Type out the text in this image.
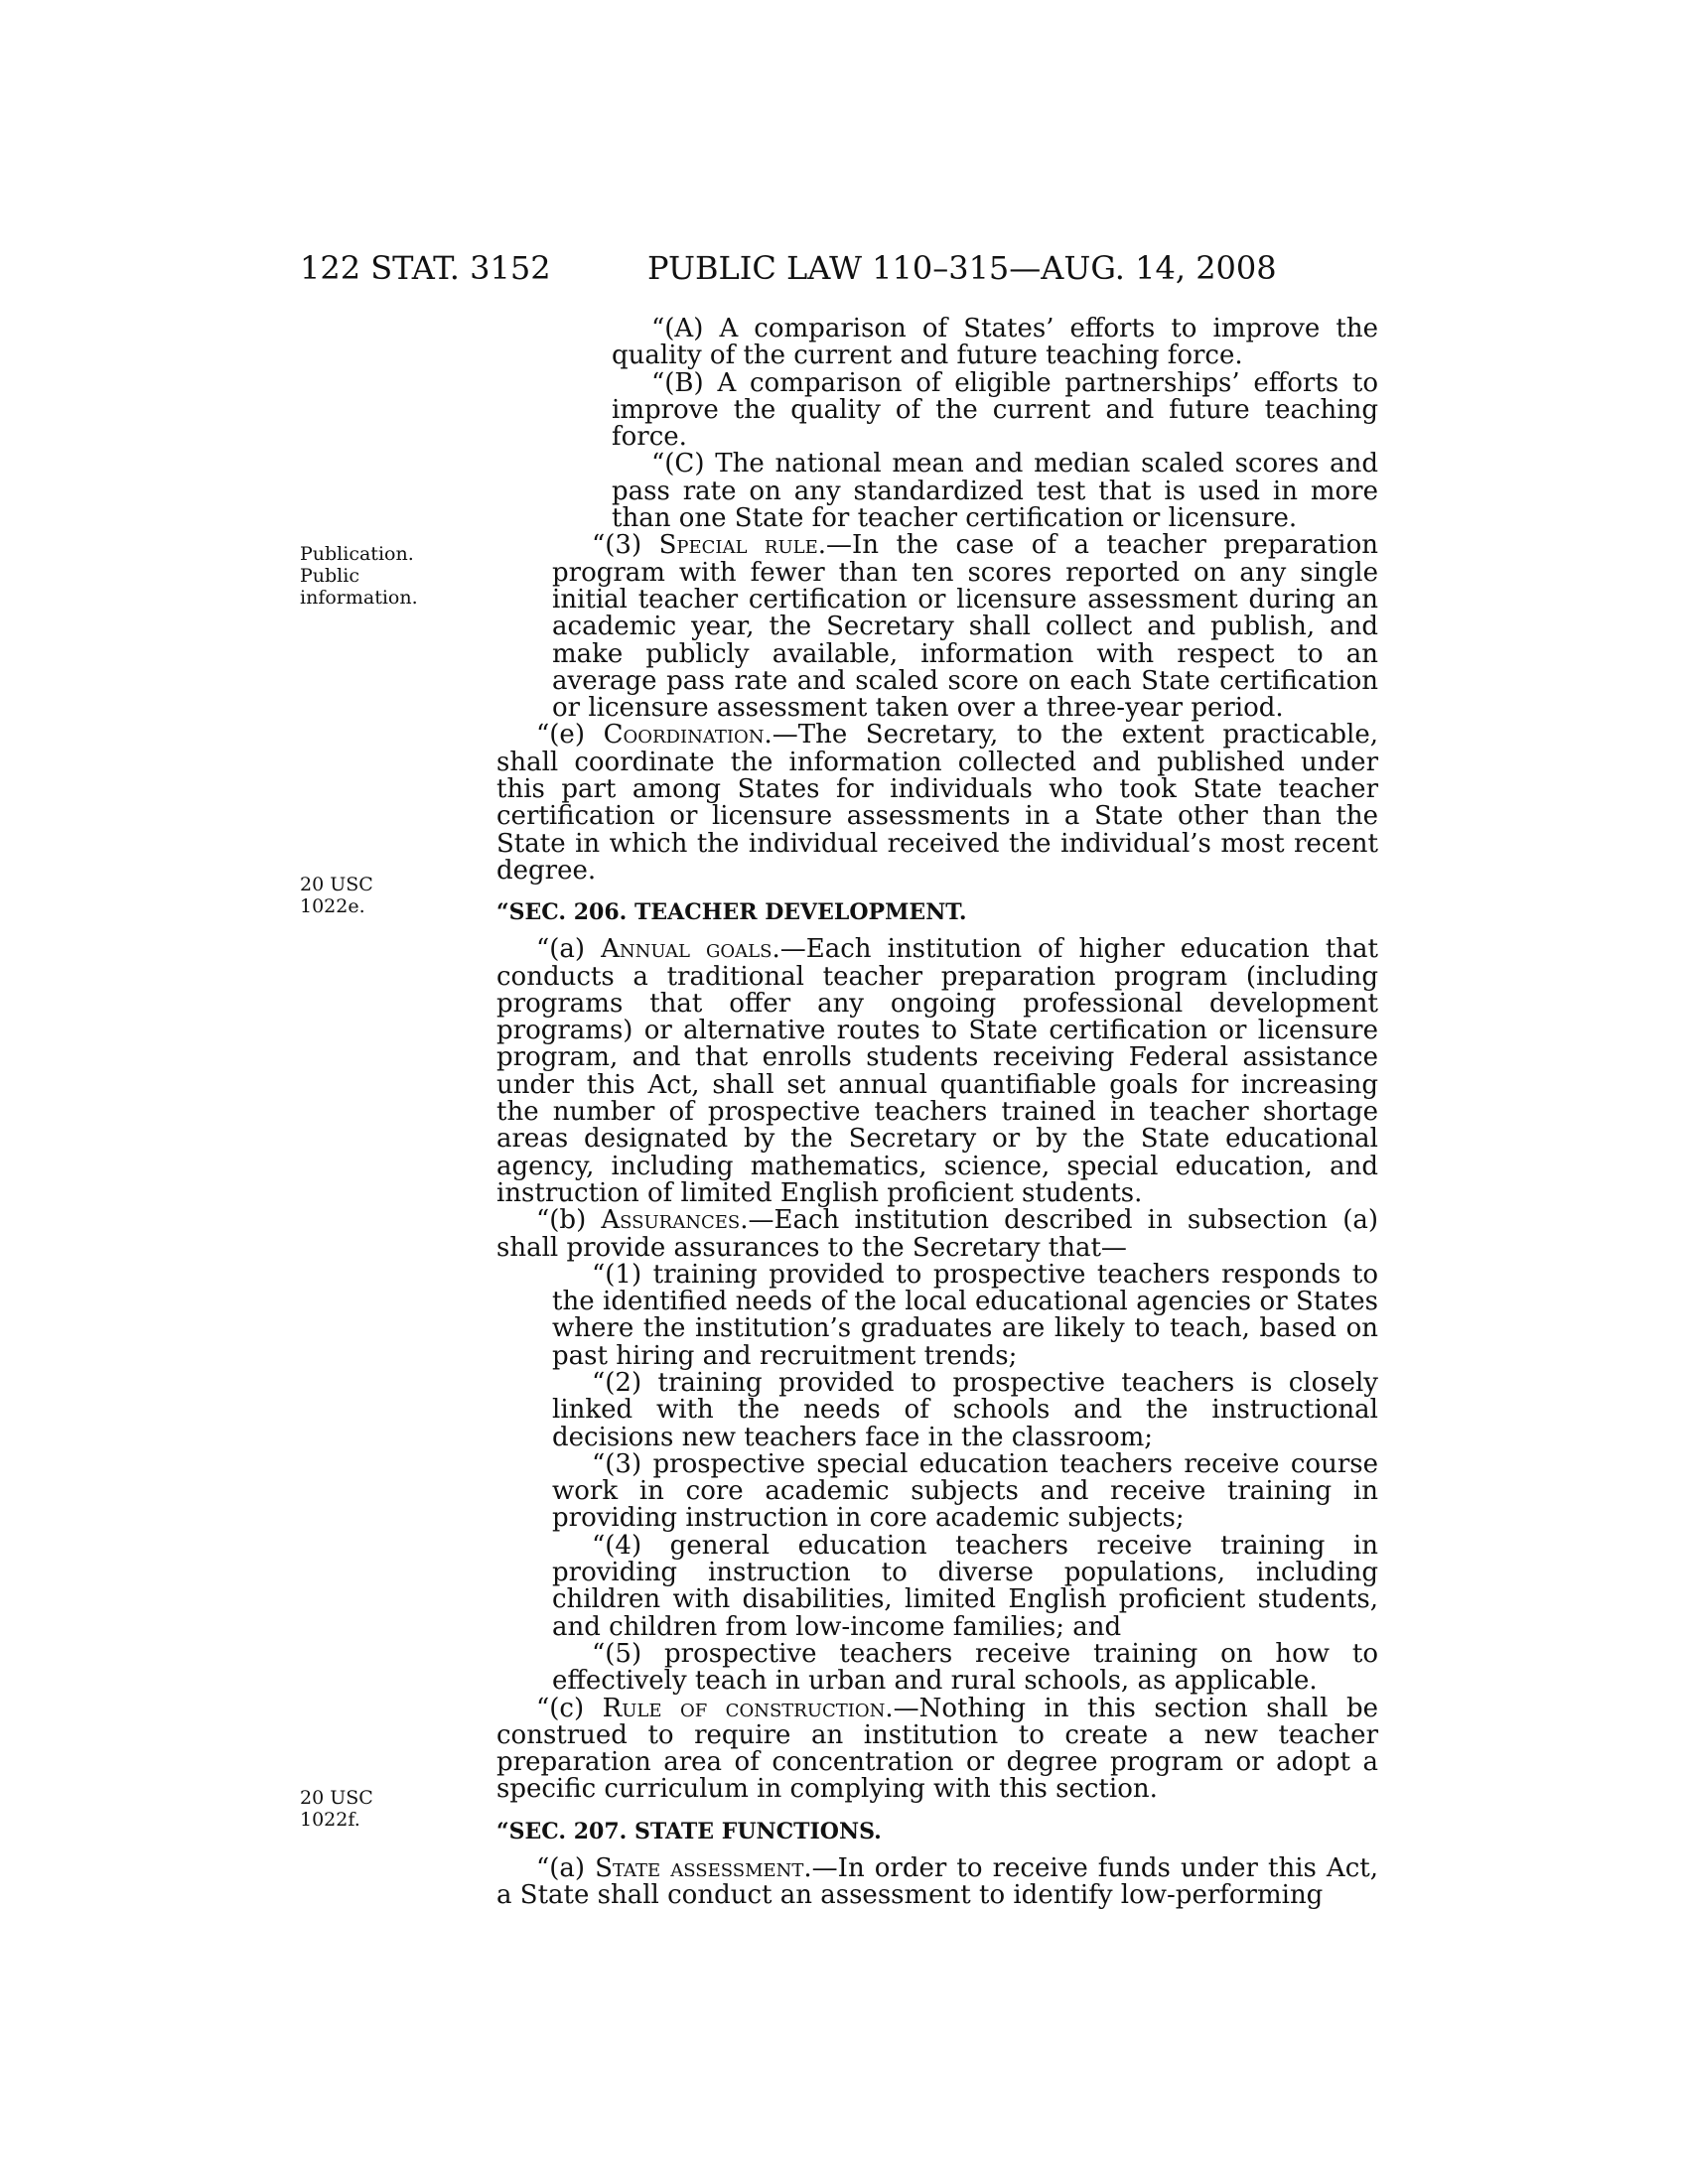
122 STAT. 3152	PUBLIC LAW 110–315—AUG. 14, 2008
Publication.
Public
information.
20 USC 1022e.
20 USC 1022f.

“(A) A comparison of States’ efforts to improve the quality of the current and future teaching force.

“(B) A comparison of eligible partnerships’ efforts to improve the quality of the current and future teaching force.

“(C) The national mean and median scaled scores and pass rate on any standardized test that is used in more than one State for teacher certification or licensure.

“(3) Special rule.—In the case of a teacher preparation program with fewer than ten scores reported on any single initial teacher certification or licensure assessment during an academic year, the Secretary shall collect and publish, and make publicly available, information with respect to an average pass rate and scaled score on each State certification or licensure assessment taken over a three-year period.

“(e) Coordination.—The Secretary, to the extent practicable, shall coordinate the information collected and published under this part among States for individuals who took State teacher certification or licensure assessments in a State other than the State in which the individual received the individual’s most recent degree.

“SEC. 206. TEACHER DEVELOPMENT.

“(a) Annual goals.—Each institution of higher education that conducts a traditional teacher preparation program (including programs that offer any ongoing professional development programs) or alternative routes to State certification or licensure program, and that enrolls students receiving Federal assistance under this Act, shall set annual quantifiable goals for increasing the number of prospective teachers trained in teacher shortage areas designated by the Secretary or by the State educational agency, including mathematics, science, special education, and instruction of limited English proficient students.

“(b) Assurances.—Each institution described in subsection (a) shall provide assurances to the Secretary that—

“(1) training provided to prospective teachers responds to the identified needs of the local educational agencies or States where the institution’s graduates are likely to teach, based on past hiring and recruitment trends;

“(2) training provided to prospective teachers is closely linked with the needs of schools and the instructional decisions new teachers face in the classroom;

“(3) prospective special education teachers receive course work in core academic subjects and receive training in providing instruction in core academic subjects;

“(4) general education teachers receive training in providing instruction to diverse populations, including children with disabilities, limited English proficient students, and children from low-income families; and

“(5) prospective teachers receive training on how to effectively teach in urban and rural schools, as applicable.

“(c) Rule of construction.—Nothing in this section shall be construed to require an institution to create a new teacher preparation area of concentration or degree program or adopt a specific curriculum in complying with this section.

“SEC. 207. STATE FUNCTIONS.

“(a) State assessment.—In order to receive funds under this Act, a State shall conduct an assessment to identify low-performing
